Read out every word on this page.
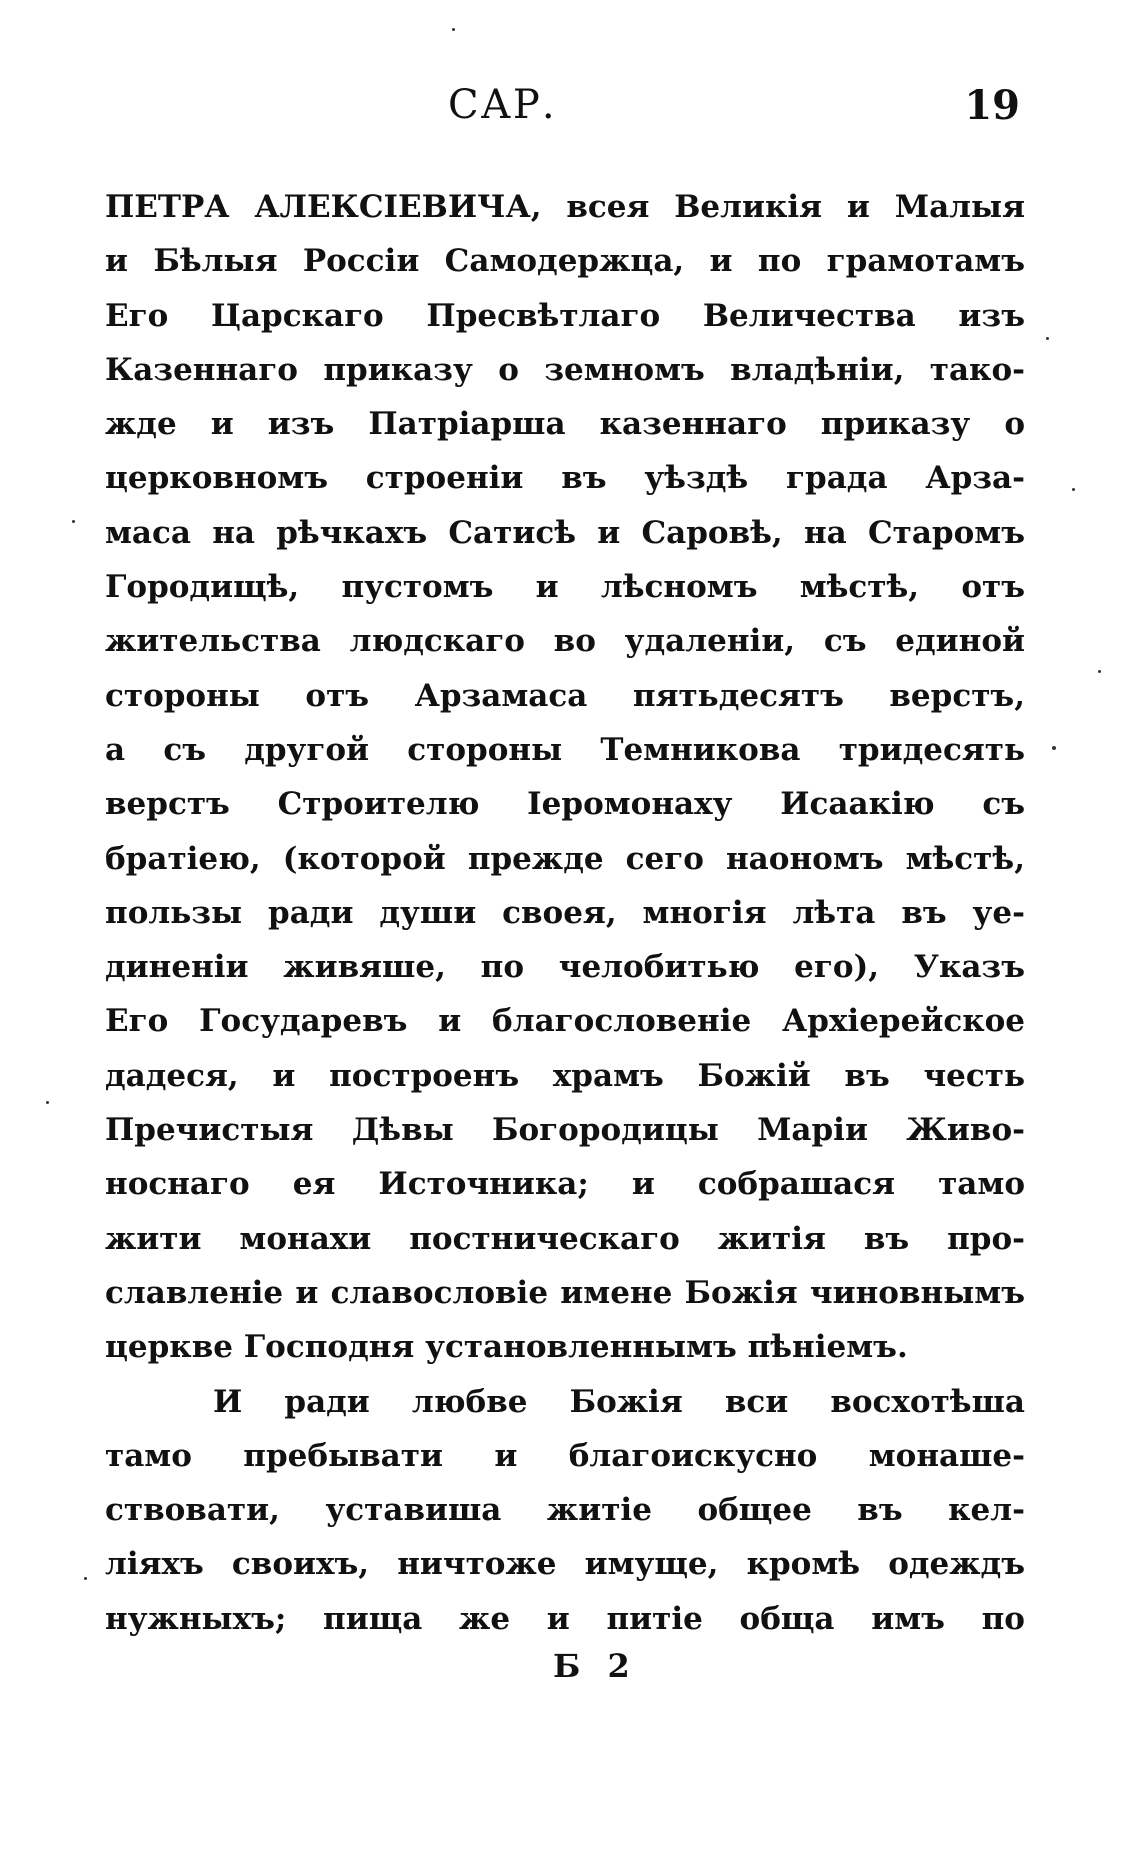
САР.	19
ПЕТРА АЛЕКСIЕВИЧА, всея Великiя и Малыя
и Бѣлыя Россiи Самодержца, и по грамотамъ
Его Царскаго Пресвѣтлаго Величества изъ
Казеннаго приказу о земномъ владѣнiи, тако-
жде и изъ Патрiарша казеннаго приказу о
церковномъ строенiи въ уѣздѣ града Арза-
маса на рѣчкахъ Сатисѣ и Саровѣ, на Старомъ
Городищѣ, пустомъ и лѣсномъ мѣстѣ, отъ
жительства людскаго во удаленiи, съ единой
стороны отъ Арзамаса пятьдесятъ верстъ,
а съ другой стороны Темникова тридесять
верстъ Строителю Iеромонаху Исаакiю съ
братiею, (которой прежде сего наономъ мѣстѣ,
пользы ради души своея, многiя лѣта въ уе-
диненiи живяше, по челобитью его), Указъ
Его Государевъ и благословенiе Архiерейское
дадеся, и построенъ храмъ Божiй въ честь
Пречистыя Дѣвы Богородицы Марiи Живо-
носнаго ея Источника; и собрашася тамо
жити монахи постническаго житiя въ про-
славленiе и славословiе имене Божiя чиновнымъ
церкве Господня установленнымъ пѣнiемъ.
И ради любве Божiя вси восхотѣша
тамо пребывати и благоискусно монаше-
ствовати, уставиша житiе общее въ кел-
лiяхъ своихъ, ничтоже имуще, кромѣ одеждъ
нужныхъ; пища же и питiе обща имъ по
Б 2
